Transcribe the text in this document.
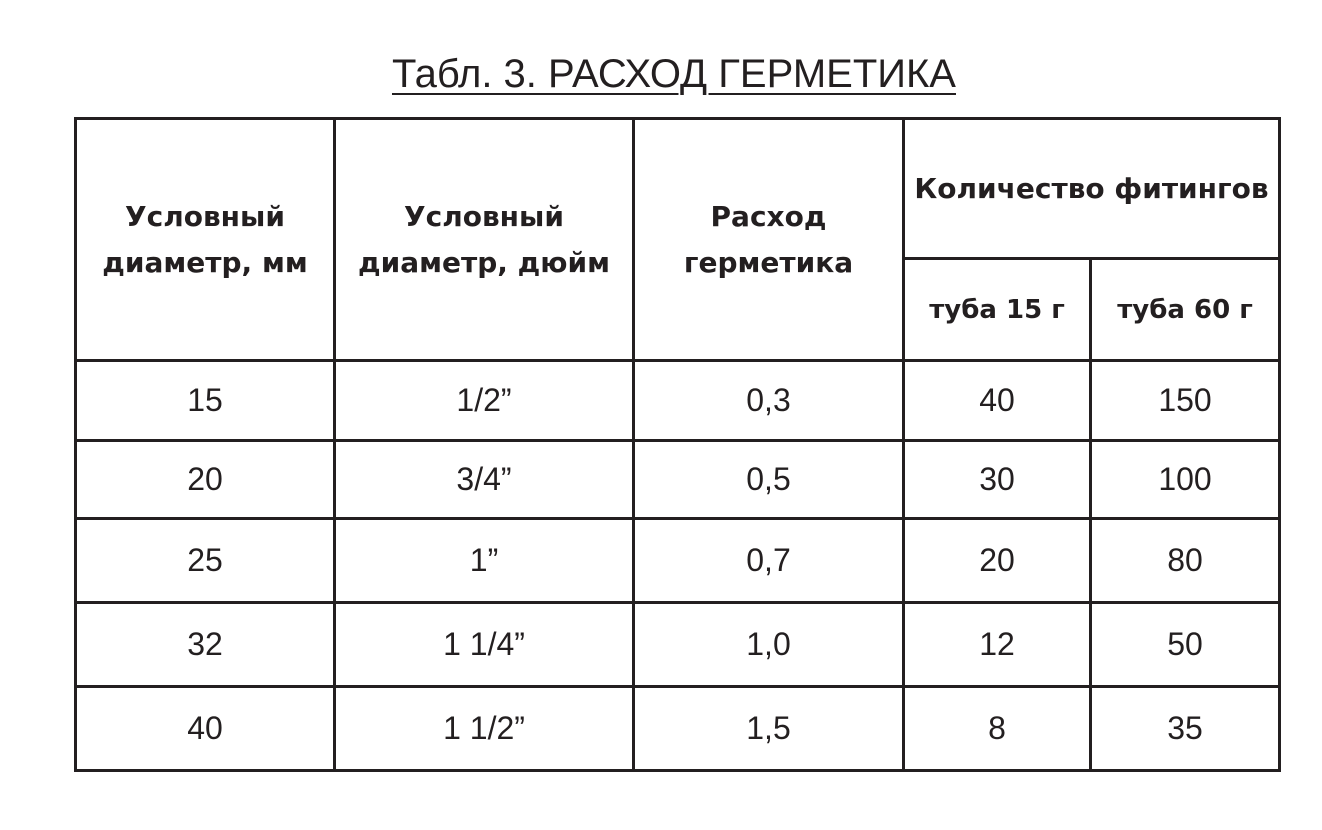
Табл. 3. РАСХОД ГЕРМЕТИКА
Условный диаметр, мм	Условный диаметр, дюйм	Расход герметика	Количество фитингов	
			туба 15 г	туба 60 г
15	1/2”	0,3	40	150
20	3/4”	0,5	30	100
25	1”	0,7	20	80
32	1 1/4”	1,0	12	50
40	1 1/2”	1,5	8	35
